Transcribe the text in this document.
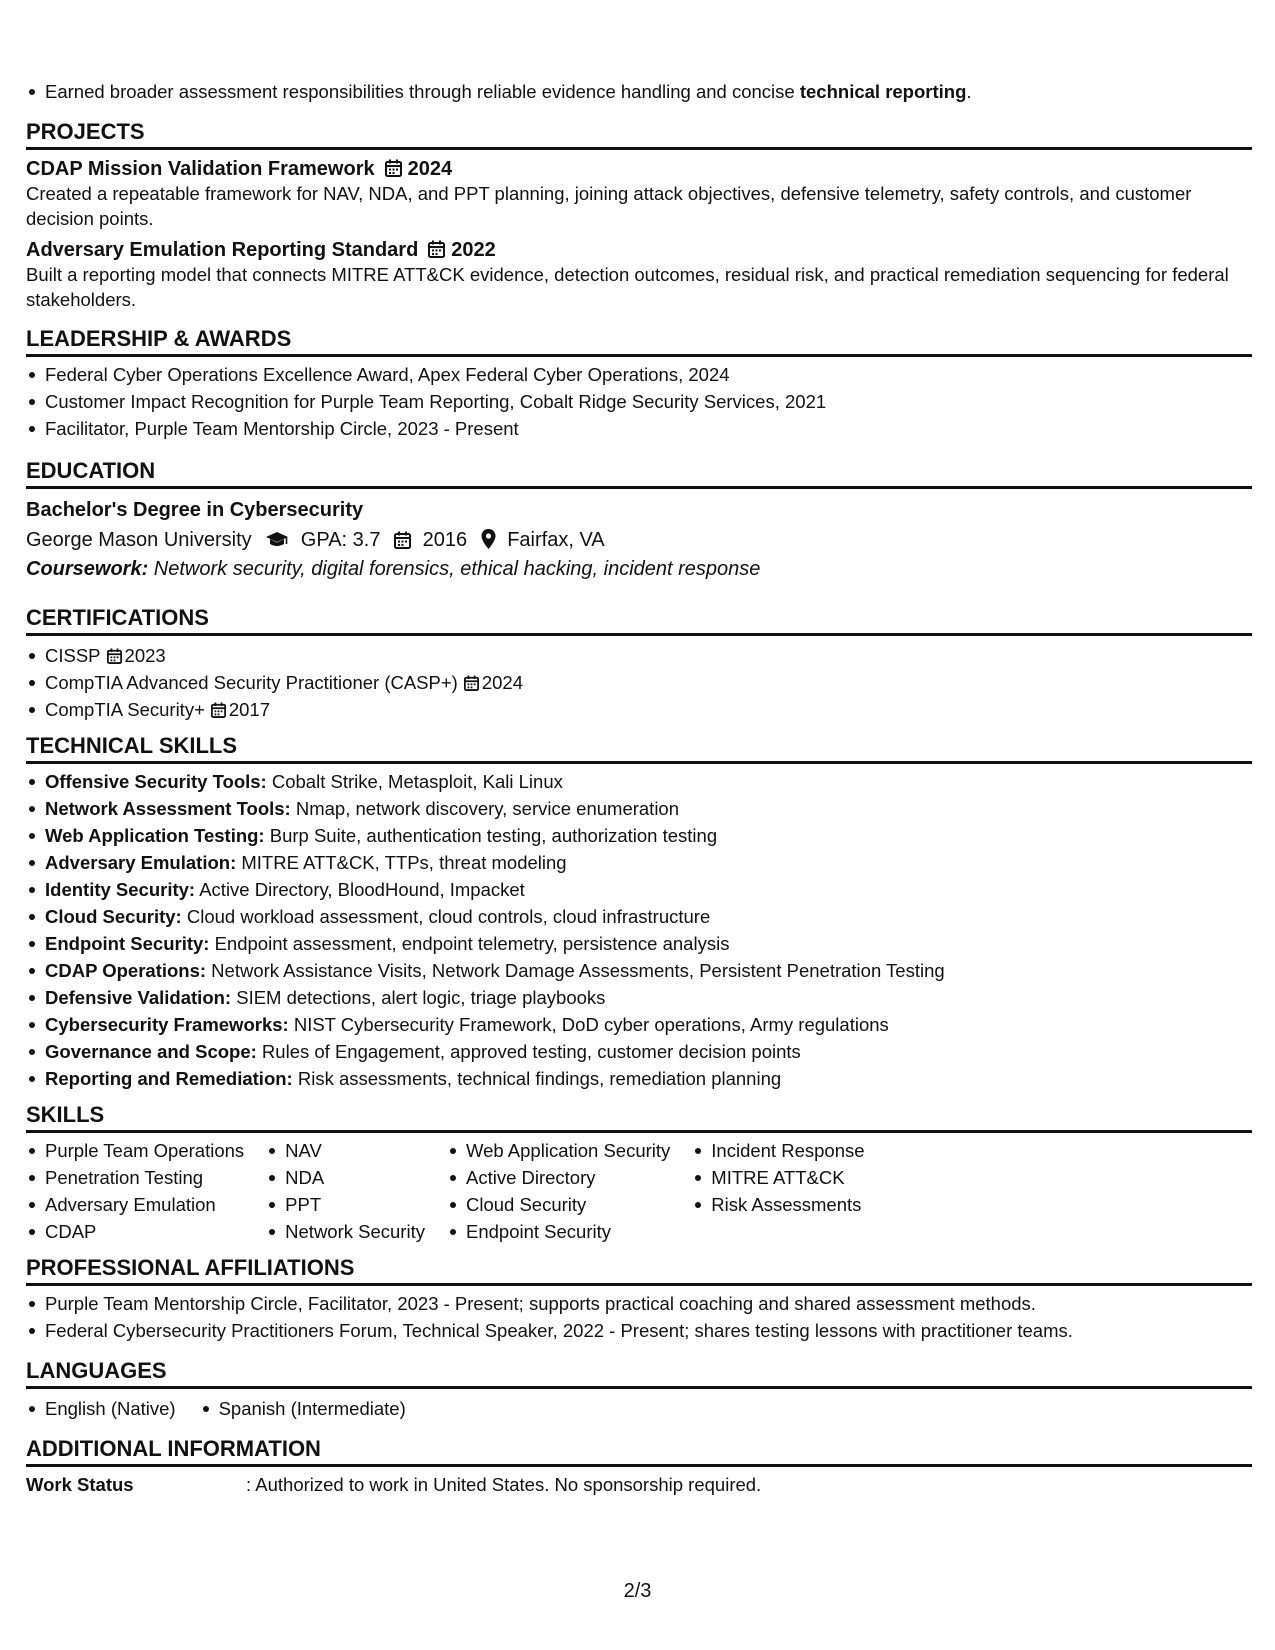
Earned broader assessment responsibilities through reliable evidence handling and concise technical reporting.
PROJECTS
CDAP Mission Validation Framework 2024
Created a repeatable framework for NAV, NDA, and PPT planning, joining attack objectives, defensive telemetry, safety controls, and customer decision points.
Adversary Emulation Reporting Standard 2022
Built a reporting model that connects MITRE ATT&CK evidence, detection outcomes, residual risk, and practical remediation sequencing for federal stakeholders.
LEADERSHIP & AWARDS
Federal Cyber Operations Excellence Award, Apex Federal Cyber Operations, 2024
Customer Impact Recognition for Purple Team Reporting, Cobalt Ridge Security Services, 2021
Facilitator, Purple Team Mentorship Circle, 2023 - Present
EDUCATION
Bachelor's Degree in Cybersecurity
George Mason University GPA: 3.7 2016 Fairfax, VA
Coursework: Network security, digital forensics, ethical hacking, incident response
CERTIFICATIONS
CISSP 2023
CompTIA Advanced Security Practitioner (CASP+) 2024
CompTIA Security+ 2017
TECHNICAL SKILLS
Offensive Security Tools: Cobalt Strike, Metasploit, Kali Linux
Network Assessment Tools: Nmap, network discovery, service enumeration
Web Application Testing: Burp Suite, authentication testing, authorization testing
Adversary Emulation: MITRE ATT&CK, TTPs, threat modeling
Identity Security: Active Directory, BloodHound, Impacket
Cloud Security: Cloud workload assessment, cloud controls, cloud infrastructure
Endpoint Security: Endpoint assessment, endpoint telemetry, persistence analysis
CDAP Operations: Network Assistance Visits, Network Damage Assessments, Persistent Penetration Testing
Defensive Validation: SIEM detections, alert logic, triage playbooks
Cybersecurity Frameworks: NIST Cybersecurity Framework, DoD cyber operations, Army regulations
Governance and Scope: Rules of Engagement, approved testing, customer decision points
Reporting and Remediation: Risk assessments, technical findings, remediation planning
SKILLS
Purple Team Operations
Penetration Testing
Adversary Emulation
CDAP
NAV
NDA
PPT
Network Security
Web Application Security
Active Directory
Cloud Security
Endpoint Security
Incident Response
MITRE ATT&CK
Risk Assessments
PROFESSIONAL AFFILIATIONS
Purple Team Mentorship Circle, Facilitator, 2023 - Present; supports practical coaching and shared assessment methods.
Federal Cybersecurity Practitioners Forum, Technical Speaker, 2022 - Present; shares testing lessons with practitioner teams.
LANGUAGES
English (Native)	Spanish (Intermediate)
ADDITIONAL INFORMATION
Work Status	: Authorized to work in United States. No sponsorship required.
2/3
